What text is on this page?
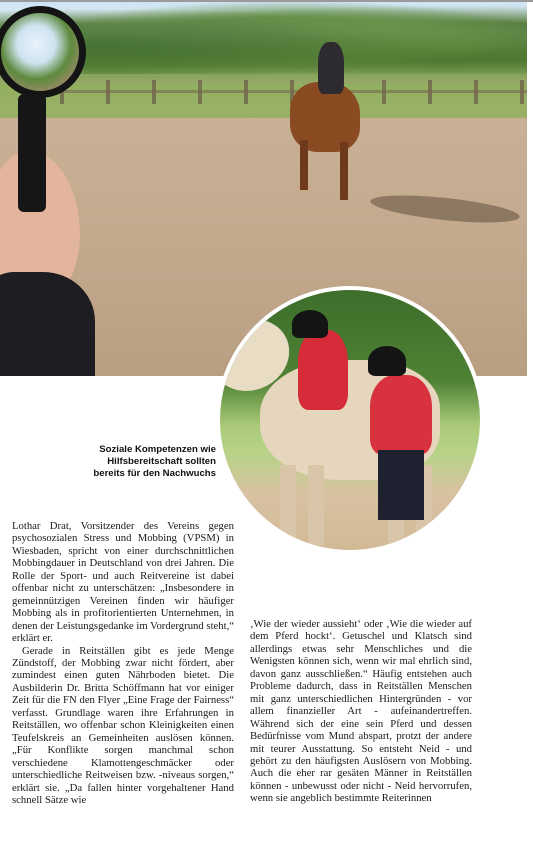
Soziale Kompetenzen wie
Hilfsbereitschaft sollten
bereits für den Nachwuchs

Lothar Drat, Vorsitzender des Vereins gegen psychosozialen Stress und Mobbing (VPSM) in Wiesbaden, spricht von einer durchschnittlichen Mobbingdauer in Deutschland von drei Jahren. Die Rolle der Sport- und auch Reitvereine ist dabei offenbar nicht zu unterschätzen: „Insbesondere in gemeinnützigen Vereinen finden wir häufiger Mobbing als in profitorientierten Unternehmen, in denen der Leistungsgedanke im Vordergrund steht,“ erklärt er.

Gerade in Reitställen gibt es jede Menge Zündstoff, der Mobbing zwar nicht fördert, aber zumindest einen guten Nährboden bietet. Die Ausbilderin Dr. Britta Schöffmann hat vor einiger Zeit für die FN den Flyer „Eine Frage der Fairness“ verfasst. Grundlage waren ihre Erfahrungen in Reitställen, wo offenbar schon Kleinigkeiten einen Teufelskreis an Gemeinheiten auslösen können. „Für Konflikte sorgen manchmal schon verschiedene Klamottengeschmäcker oder unterschiedliche Reitweisen bzw. -niveaus sorgen,“ erklärt sie. „Da fallen hinter vorgehaltener Hand schnell Sätze wie

‚Wie der wieder aussieht‘ oder ‚Wie die wieder auf dem Pferd hockt‘. Getuschel und Klatsch sind allerdings etwas sehr Menschliches und die Wenigsten können sich, wenn wir mal ehrlich sind, davon ganz ausschließen.“ Häufig entstehen auch Probleme dadurch, dass in Reitställen Menschen mit ganz unterschiedlichen Hintergründen - vor allem finanzieller Art - aufeinandertreffen. Während sich der eine sein Pferd und dessen Bedürfnisse vom Mund abspart, protzt der andere mit teurer Ausstattung. So entsteht Neid - und gehört zu den häufigsten Auslösern von Mobbing. Auch die eher rar gesäten Männer in Reitställen können - unbewusst oder nicht - Neid hervorrufen, wenn sie angeblich bestimmte Reiterinnen
